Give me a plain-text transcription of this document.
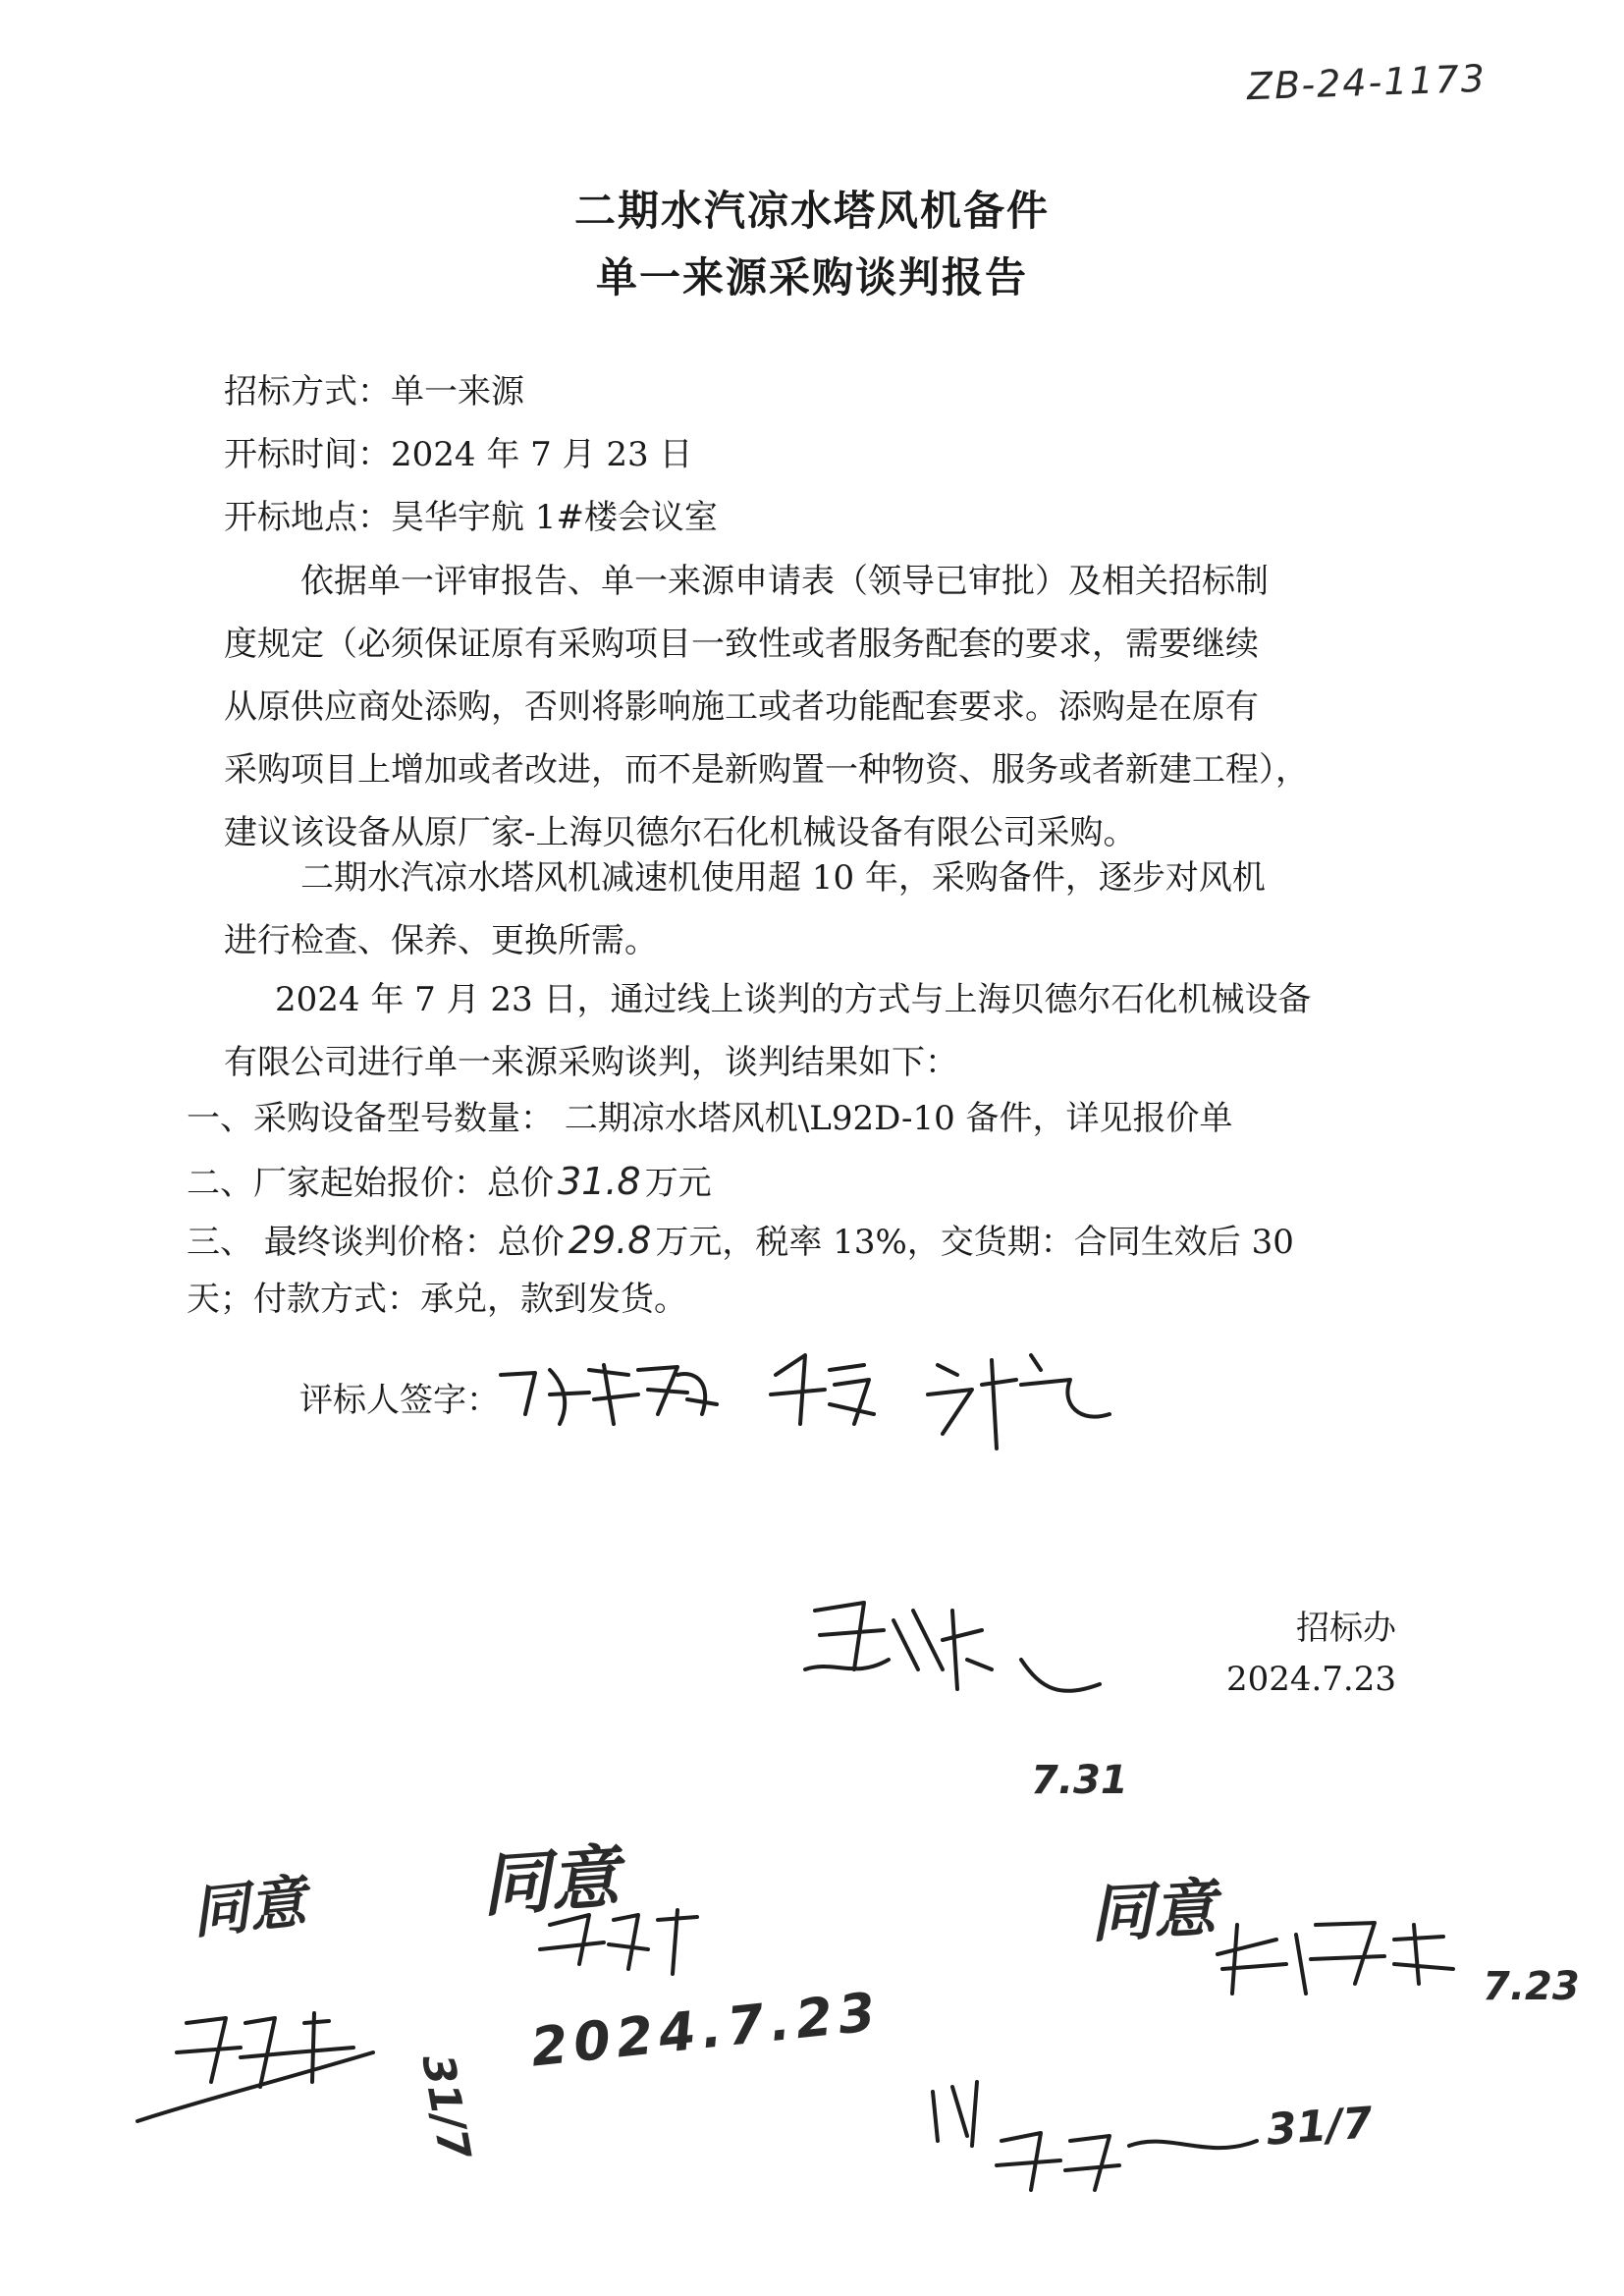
ZB-24-1173
二期水汽凉水塔风机备件
单一来源采购谈判报告
招标方式：单一来源
开标时间：2024 年 7 月 23 日
开标地点：昊华宇航 1#楼会议室

依据单一评审报告、单一来源申请表（领导已审批）及相关招标制

度规定（必须保证原有采购项目一致性或者服务配套的要求，需要继续

从原供应商处添购，否则将影响施工或者功能配套要求。添购是在原有

采购项目上增加或者改进，而不是新购置一种物资、服务或者新建工程），

建议该设备从原厂家-上海贝德尔石化机械设备有限公司采购。

二期水汽凉水塔风机减速机使用超 10 年，采购备件，逐步对风机

进行检查、保养、更换所需。

2024 年 7 月 23 日，通过线上谈判的方式与上海贝德尔石化机械设备

有限公司进行单一来源采购谈判，谈判结果如下：

一、采购设备型号数量： 二期凉水塔风机\L92D-10 备件，详见报价单
二、厂家起始报价：总价 31.8 万元
三、 最终谈判价格：总价 29.8 万元，税率 13%，交货期：合同生效后 30
天；付款方式：承兑，款到发货。
评标人签字：
招标办
2024.7.23
7.31
同意 同意	同意
2024.7.23	7.23
31/7	31/7
